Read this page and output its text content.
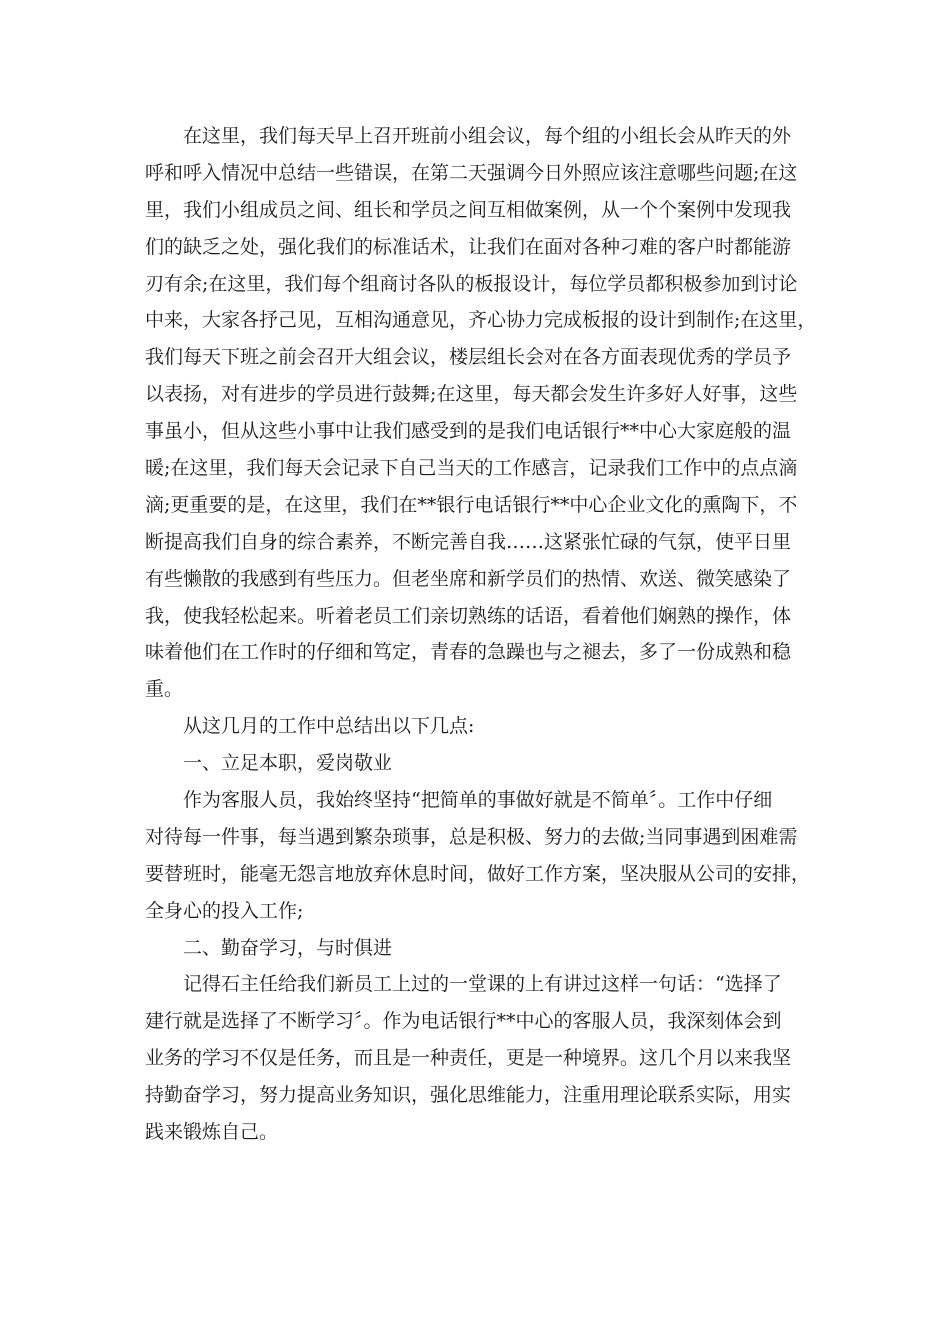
在这里，我们每天早上召开班前小组会议，每个组的小组长会从昨天的外

呼和呼入情况中总结一些错误，在第二天强调今日外照应该注意哪些问题;在这

里，我们小组成员之间、组长和学员之间互相做案例，从一个个案例中发现我

们的缺乏之处，强化我们的标准话术，让我们在面对各种刁难的客户时都能游

刃有余;在这里，我们每个组商讨各队的板报设计，每位学员都积极参加到讨论

中来，大家各抒己见，互相沟通意见，齐心协力完成板报的设计到制作;在这里，

我们每天下班之前会召开大组会议，楼层组长会对在各方面表现优秀的学员予

以表扬，对有进步的学员进行鼓舞;在这里，每天都会发生许多好人好事，这些

事虽小，但从这些小事中让我们感受到的是我们电话银行**中心大家庭般的温

暖;在这里，我们每天会记录下自己当天的工作感言，记录我们工作中的点点滴

滴;更重要的是，在这里，我们在**银行电话银行**中心企业文化的熏陶下，不

断提高我们自身的综合素养，不断完善自我……这紧张忙碌的气氛，使平日里

有些懒散的我感到有些压力。但老坐席和新学员们的热情、欢送、微笑感染了

我，使我轻松起来。听着老员工们亲切熟练的话语，看着他们娴熟的操作，体

味着他们在工作时的仔细和笃定，青春的急躁也与之褪去，多了一份成熟和稳

重。

从这几月的工作中总结出以下几点:

一、立足本职，爱岗敬业

作为客服人员，我始终坚持“把简单的事做好就是不简单〞。工作中仔细

对待每一件事，每当遇到繁杂琐事，总是积极、努力的去做;当同事遇到困难需

要替班时，能毫无怨言地放弃休息时间，做好工作方案，坚决服从公司的安排，

全身心的投入工作;

二、勤奋学习，与时俱进

记得石主任给我们新员工上过的一堂课的上有讲过这样一句话：“选择了

建行就是选择了不断学习〞。作为电话银行**中心的客服人员，我深刻体会到

业务的学习不仅是任务，而且是一种责任，更是一种境界。这几个月以来我坚

持勤奋学习，努力提高业务知识，强化思维能力，注重用理论联系实际，用实

践来锻炼自己。
